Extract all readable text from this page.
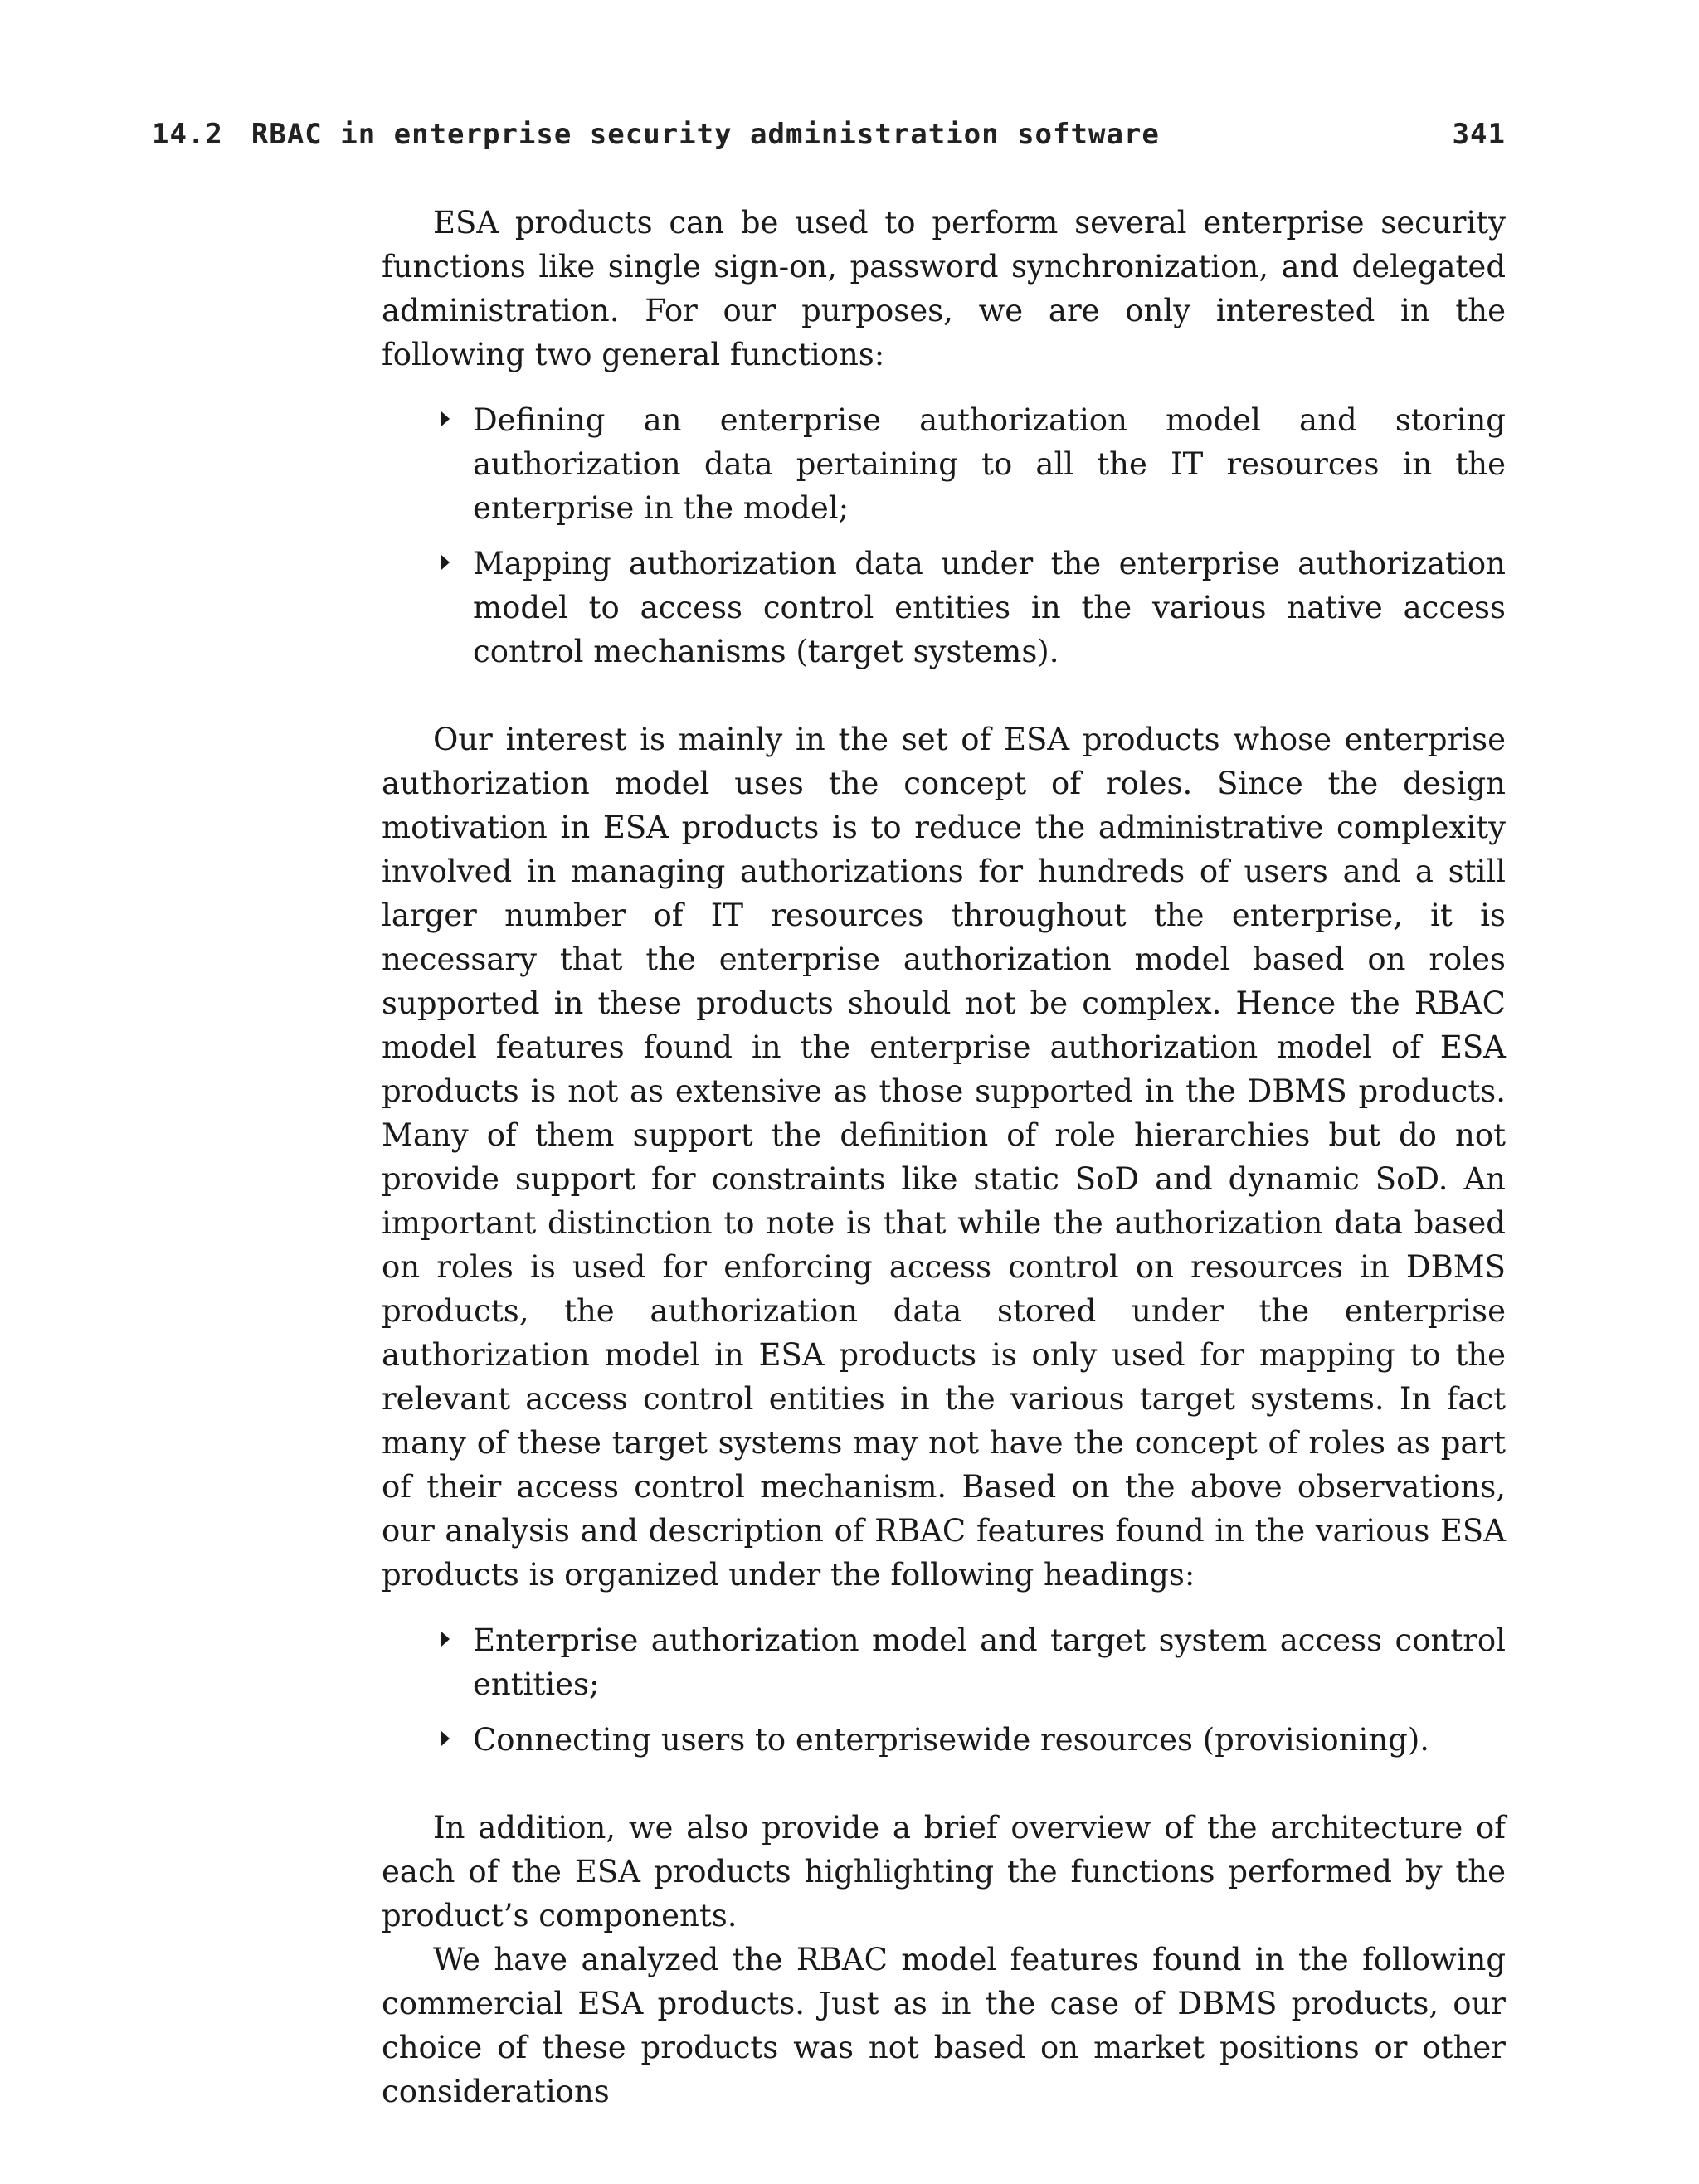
14.2 RBAC in enterprise security administration software	341

ESA products can be used to perform several enterprise security functions like single sign-on, password synchronization, and delegated administration. For our purposes, we are only interested in the following two general functions:

Defining an enterprise authorization model and storing authorization data pertaining to all the IT resources in the enterprise in the model;
Mapping authorization data under the enterprise authorization model to access control entities in the various native access control mechanisms (target systems).

Our interest is mainly in the set of ESA products whose enterprise authorization model uses the concept of roles. Since the design motivation in ESA products is to reduce the administrative complexity involved in managing authorizations for hundreds of users and a still larger number of IT resources throughout the enterprise, it is necessary that the enterprise authorization model based on roles supported in these products should not be complex. Hence the RBAC model features found in the enterprise authorization model of ESA products is not as extensive as those supported in the DBMS products. Many of them support the definition of role hierarchies but do not provide support for constraints like static SoD and dynamic SoD. An important distinction to note is that while the authorization data based on roles is used for enforcing access control on resources in DBMS products, the authorization data stored under the enterprise authorization model in ESA products is only used for mapping to the relevant access control entities in the various target systems. In fact many of these target systems may not have the concept of roles as part of their access control mechanism. Based on the above observations, our analysis and description of RBAC features found in the various ESA products is organized under the following headings:

Enterprise authorization model and target system access control entities;
Connecting users to enterprisewide resources (provisioning).

In addition, we also provide a brief overview of the architecture of each of the ESA products highlighting the functions performed by the product’s components.

We have analyzed the RBAC model features found in the following commercial ESA products. Just as in the case of DBMS products, our choice of these products was not based on market positions or other considerations
